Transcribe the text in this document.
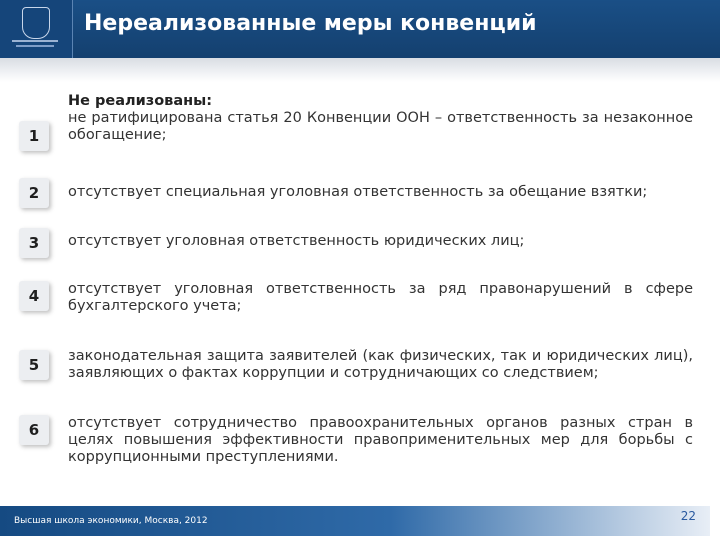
Нереализованные меры конвенций
1
Не реализованы:
не ратифицирована статья 20 Конвенции ООН – ответственность за незаконное обогащение;
2	отсутствует специальная уголовная ответственность за обещание взятки;
3	отсутствует уголовная ответственность юридических лиц;
4	отсутствует уголовная ответственность за ряд правонарушений в сфере бухгалтерского учета;
5	законодательная защита заявителей (как физических, так и юридических лиц), заявляющих о фактах коррупции и сотрудничающих со следствием;
6	отсутствует сотрудничество правоохранительных органов разных стран в целях повышения эффективности правоприменительных мер для борьбы с коррупционными преступлениями.
Высшая школа экономики, Москва, 2012	22
